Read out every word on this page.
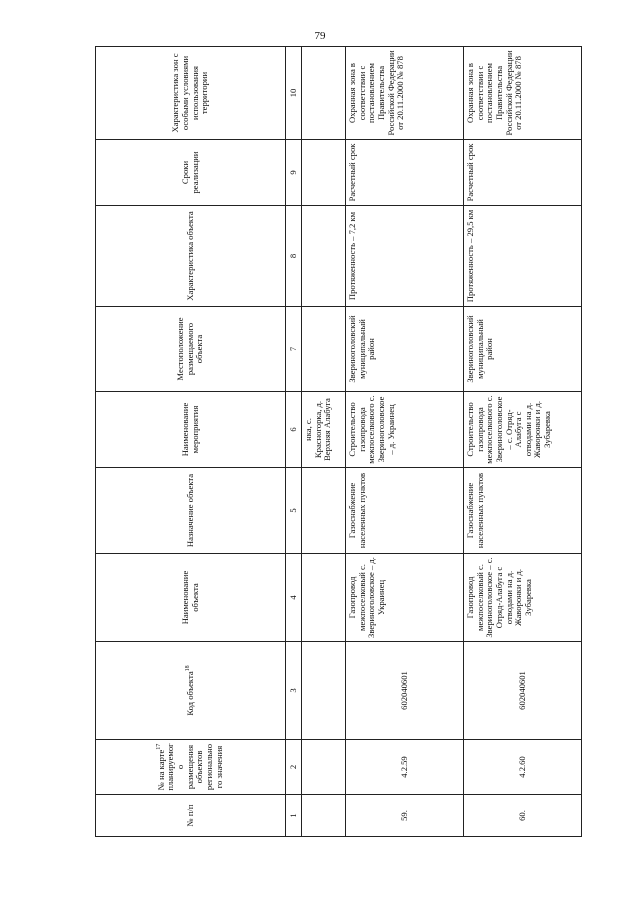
79
№ п/п	№ на карте$^{17}$ планируемого размещения объектов регионального значения	Код объекта$^{18}$	Наименование объекта	Назначение объекта	Наименование мероприятия	Местоположение размещаемого объекта	Характеристика объекта	Сроки реализации	Характеристика зон с особыми условиями использования территории
1	2	3	4	5	6	7	8	9	10
					нка, с. Красногорка, д. Верхняя Алабуга				
59.	4.2.59	602040601	Газопровод межпоселковый с. Звериноголовское – д. Украинец	Газоснабжение населенных пунктов	Строительство газопровода межпоселкового с. Звериноголовское – д. Украинец	Звериноголовский муниципальный район	Протяженность – 7,2 км	Расчетный срок	Охранная зона в соответствии с постановлением Правительства Российской Федерации от 20.11.2000 № 878
60.	4.2.60	602040601	Газопровод межпоселковый с. Звериноголовское – с. Отряд-Алабуга с отводами на д. Жаворонки и д. Зубаревка	Газоснабжение населенных пунктов	Строительство газопровода межпоселкового с. Звериноголовское – с. Отряд-Алабуга с отводами на д. Жаворонки и д. Зубаревка	Звериноголовский муниципальный район	Протяженность – 29,5 км	Расчетный срок	Охранная зона в соответствии с постановлением Правительства Российской Федерации от 20.11.2000 № 878
